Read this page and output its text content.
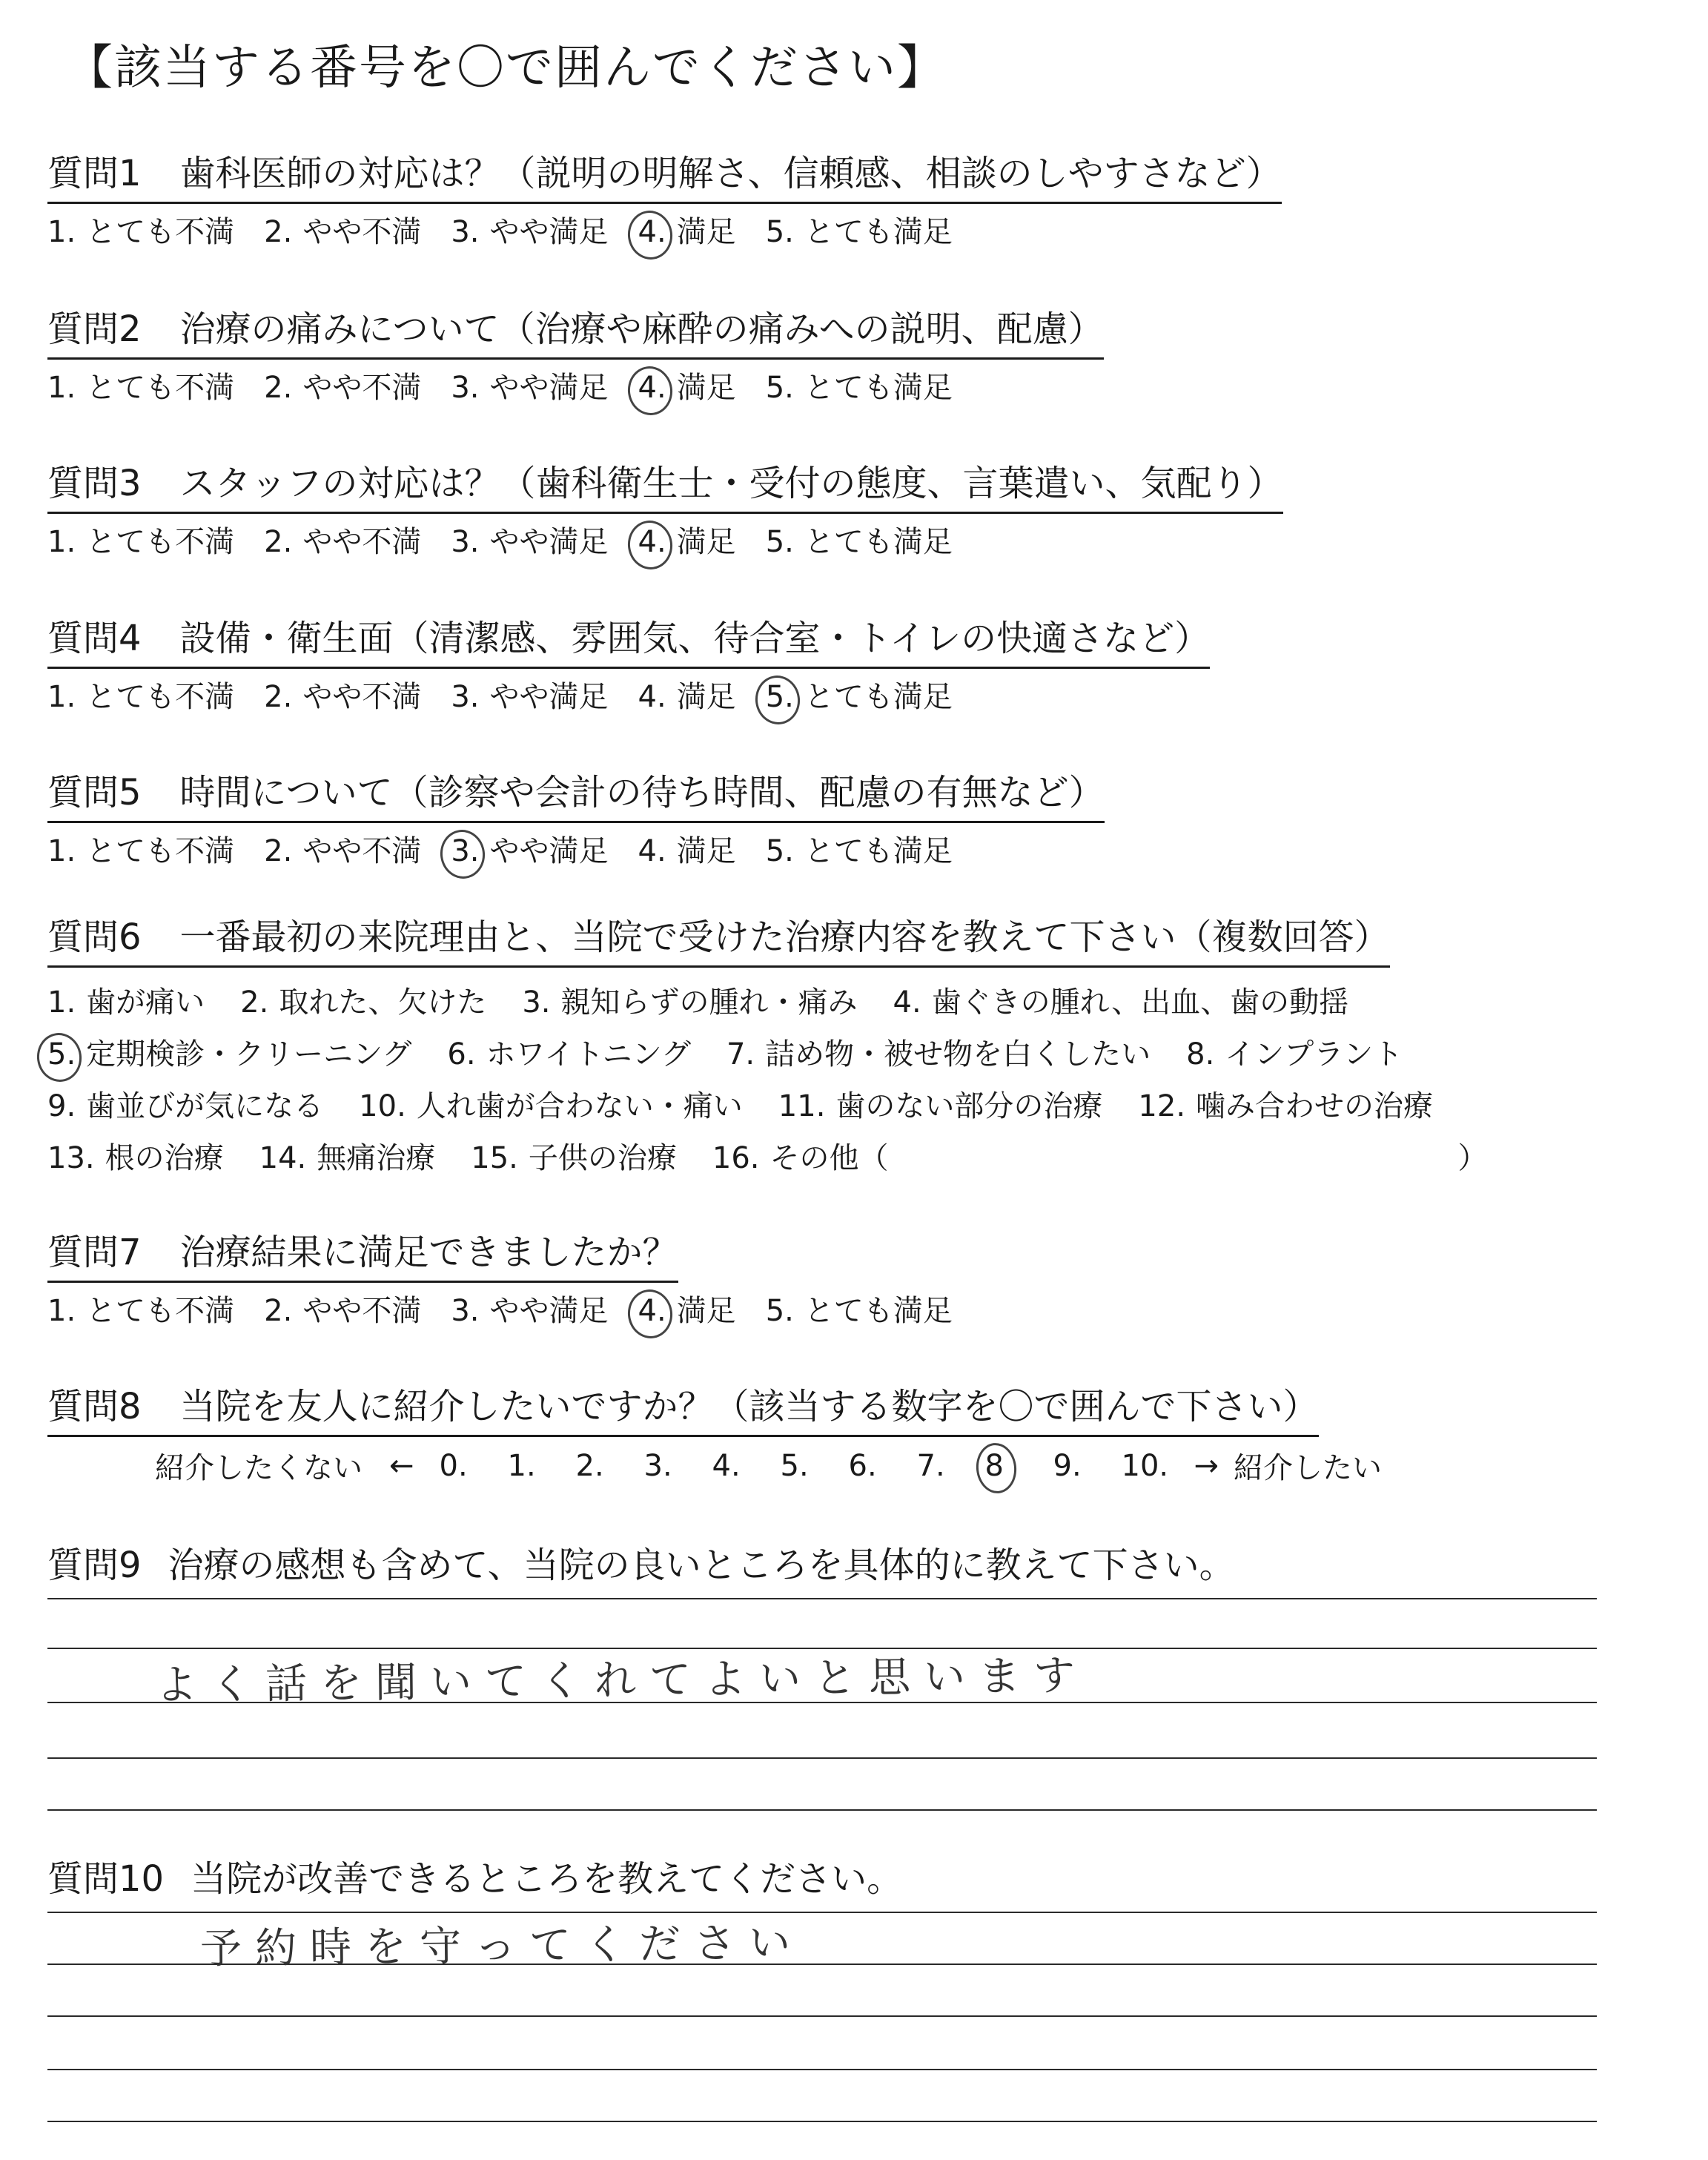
【該当する番号を〇で囲んでください】
質問1 歯科医師の対応は？（説明の明解さ、信頼感、相談のしやすさなど）
1. とても不満 2. やや不満 3. やや満足 4. 満足 5. とても満足
質問2 治療の痛みについて（治療や麻酔の痛みへの説明、配慮）
1. とても不満 2. やや不満 3. やや満足 4. 満足 5. とても満足
質問3 スタッフの対応は？（歯科衛生士・受付の態度、言葉遣い、気配り）
1. とても不満 2. やや不満 3. やや満足 4. 満足 5. とても満足
質問4 設備・衛生面（清潔感、雰囲気、待合室・トイレの快適さなど）
1. とても不満 2. やや不満 3. やや満足 4. 満足 5. とても満足
質問5 時間について（診察や会計の待ち時間、配慮の有無など）
1. とても不満 2. やや不満 3. やや満足 4. 満足 5. とても満足
質問6 一番最初の来院理由と、当院で受けた治療内容を教えて下さい（複数回答）
1. 歯が痛い 2. 取れた、欠けた 3. 親知らずの腫れ・痛み 4. 歯ぐきの腫れ、出血、歯の動揺
5. 定期検診・クリーニング 6. ホワイトニング 7. 詰め物・被せ物を白くしたい 8. インプラント
9. 歯並びが気になる 10. 人れ歯が合わない・痛い 11. 歯のない部分の治療 12. 噛み合わせの治療
13. 根の治療 14. 無痛治療 15. 子供の治療 16. その他（	）
質問7 治療結果に満足できましたか？
1. とても不満 2. やや不満 3. やや満足 4. 満足 5. とても満足
質問8 当院を友人に紹介したいですか？（該当する数字を〇で囲んで下さい）
紹介したくない ← 0.	1.	2.	3.	4.	5.	6.	7.	8	9.	10. → 紹介したい
質問9 治療の感想も含めて、当院の良いところを具体的に教えて下さい。
よく話を聞いてくれてよいと思います
質問10 当院が改善できるところを教えてください。
予約時を守ってください
